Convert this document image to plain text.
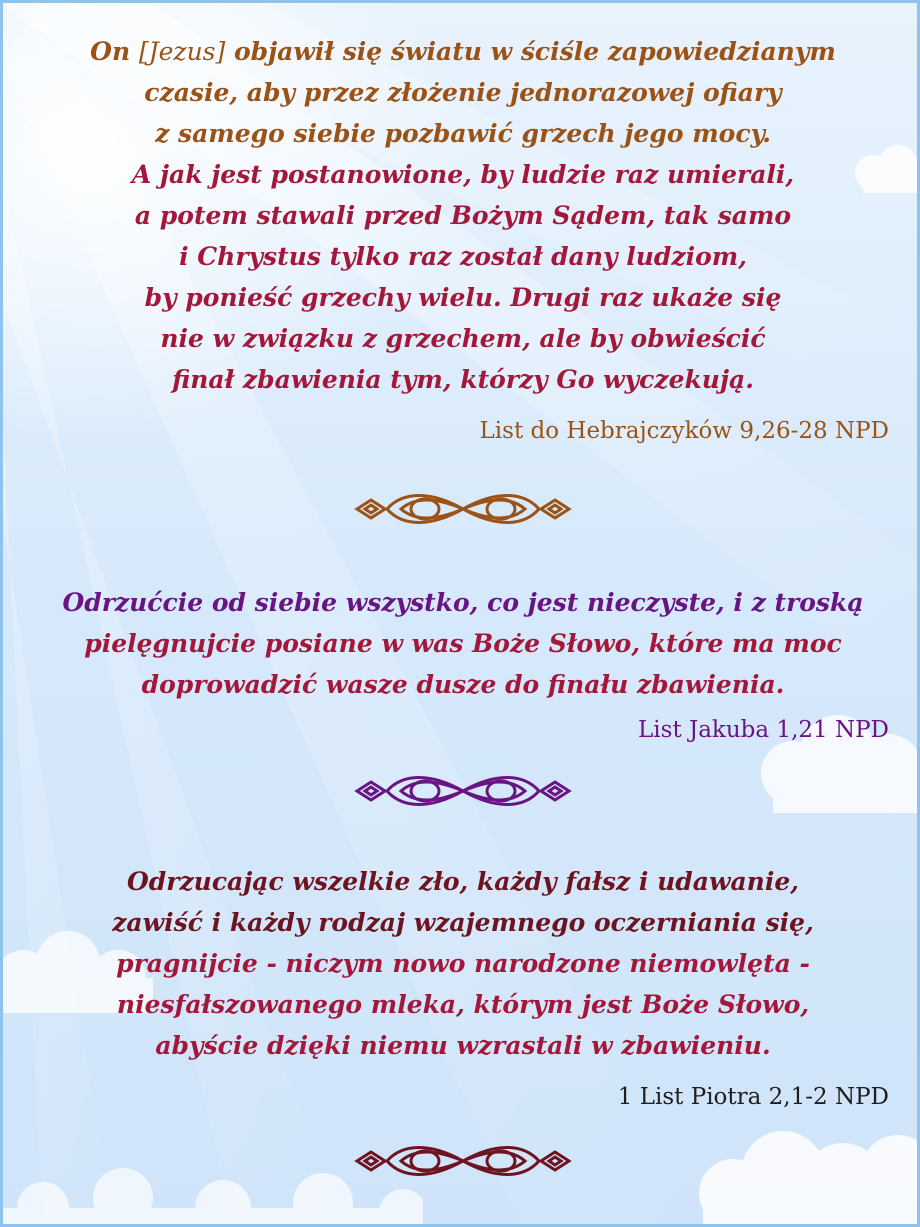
On [Jezus] objawił się światu w ściśle zapowiedzianym
czasie, aby przez złożenie jednorazowej ofiary
z samego siebie pozbawić grzech jego mocy.
A jak jest postanowione, by ludzie raz umierali,
a potem stawali przed Bożym Sądem, tak samo
i Chrystus tylko raz został dany ludziom,
by ponieść grzechy wielu. Drugi raz ukaże się
nie w związku z grzechem, ale by obwieścić
finał zbawienia tym, którzy Go wyczekują.
List do Hebrajczyków 9,26-28 NPD
Odrzućcie od siebie wszystko, co jest nieczyste, i z troską
pielęgnujcie posiane w was Boże Słowo, które ma moc
doprowadzić wasze dusze do finału zbawienia.
List Jakuba 1,21 NPD
Odrzucając wszelkie zło, każdy fałsz i udawanie,
zawiść i każdy rodzaj wzajemnego oczerniania się,
pragnijcie - niczym nowo narodzone niemowlęta -
niesfałszowanego mleka, którym jest Boże Słowo,
abyście dzięki niemu wzrastali w zbawieniu.
1 List Piotra 2,1-2 NPD
